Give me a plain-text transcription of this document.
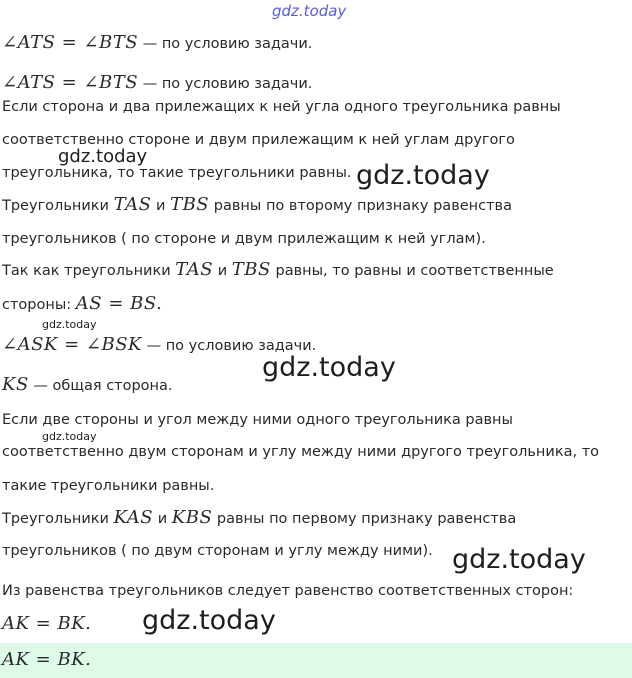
gdz.today
gdz.today
gdz.today
gdz.today
gdz.today
gdz.today
gdz.today
gdz.today
∠ATS = ∠BTS — по условию задачи.
∠ATS = ∠BTS — по условию задачи.
Если сторона и два прилежащих к ней угла одного треугольника равны
соответственно стороне и двум прилежащим к ней углам другого
треугольника, то такие треугольники равны.
Треугольники TAS и TBS равны по второму признаку равенства
треугольников ( по стороне и двум прилежащим к ней углам).
Так как треугольники TAS и TBS равны, то равны и соответственные
стороны: AS = BS.
∠ASK = ∠BSK — по условию задачи.
KS — общая сторона.
Если две стороны и угол между ними одного треугольника равны
соответственно двум сторонам и углу между ними другого треугольника, то
такие треугольники равны.
Треугольники KAS и KBS равны по первому признаку равенства
треугольников ( по двум сторонам и углу между ними).
Из равенства треугольников следует равенство соответственных сторон:
AK = BK.
AK = BK.
